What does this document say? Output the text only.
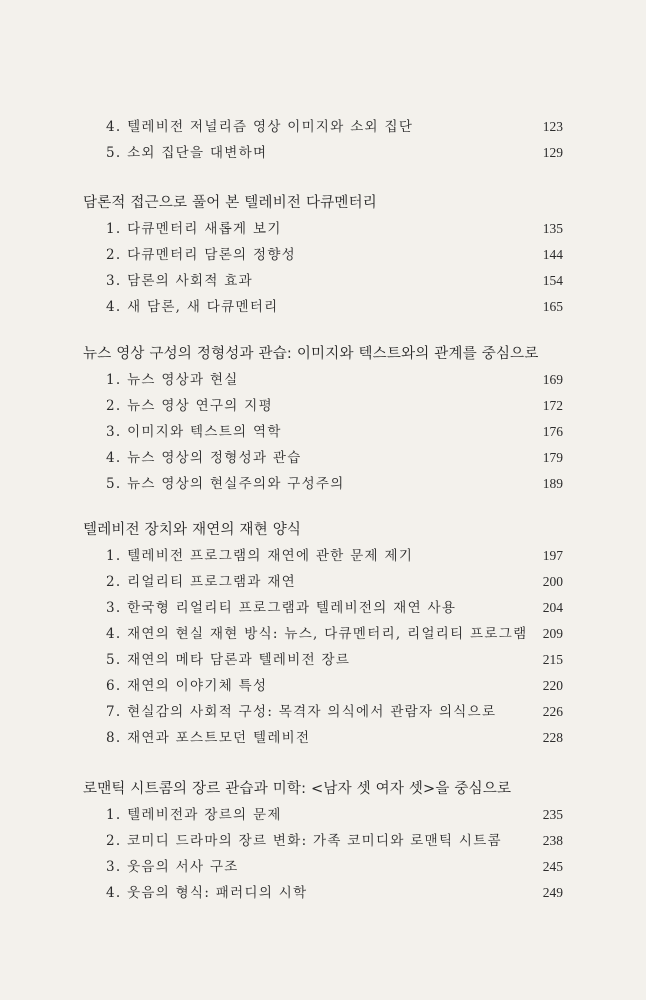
4. 텔레비전 저널리즘 영상 이미지와 소외 집단	123
5. 소외 집단을 대변하며	129
담론적 접근으로 풀어 본 텔레비전 다큐멘터리
1. 다큐멘터리 새롭게 보기	135
2. 다큐멘터리 담론의 정향성	144
3. 담론의 사회적 효과	154
4. 새 담론, 새 다큐멘터리	165
뉴스 영상 구성의 정형성과 관습: 이미지와 텍스트와의 관계를 중심으로
1. 뉴스 영상과 현실	169
2. 뉴스 영상 연구의 지평	172
3. 이미지와 텍스트의 역학	176
4. 뉴스 영상의 정형성과 관습	179
5. 뉴스 영상의 현실주의와 구성주의	189
텔레비전 장치와 재연의 재현 양식
1. 텔레비전 프로그램의 재연에 관한 문제 제기	197
2. 리얼리티 프로그램과 재연	200
3. 한국형 리얼리티 프로그램과 텔레비전의 재연 사용	204
4. 재연의 현실 재현 방식: 뉴스, 다큐멘터리, 리얼리티 프로그램 209
5. 재연의 메타 담론과 텔레비전 장르	215
6. 재연의 이야기체 특성	220
7. 현실감의 사회적 구성: 목격자 의식에서 관람자 의식으로	226
8. 재연과 포스트모던 텔레비전	228
로맨틱 시트콤의 장르 관습과 미학: <남자 셋 여자 셋>을 중심으로
1. 텔레비전과 장르의 문제	235
2. 코미디 드라마의 장르 변화: 가족 코미디와 로맨틱 시트콤	238
3. 웃음의 서사 구조	245
4. 웃음의 형식: 패러디의 시학	249
